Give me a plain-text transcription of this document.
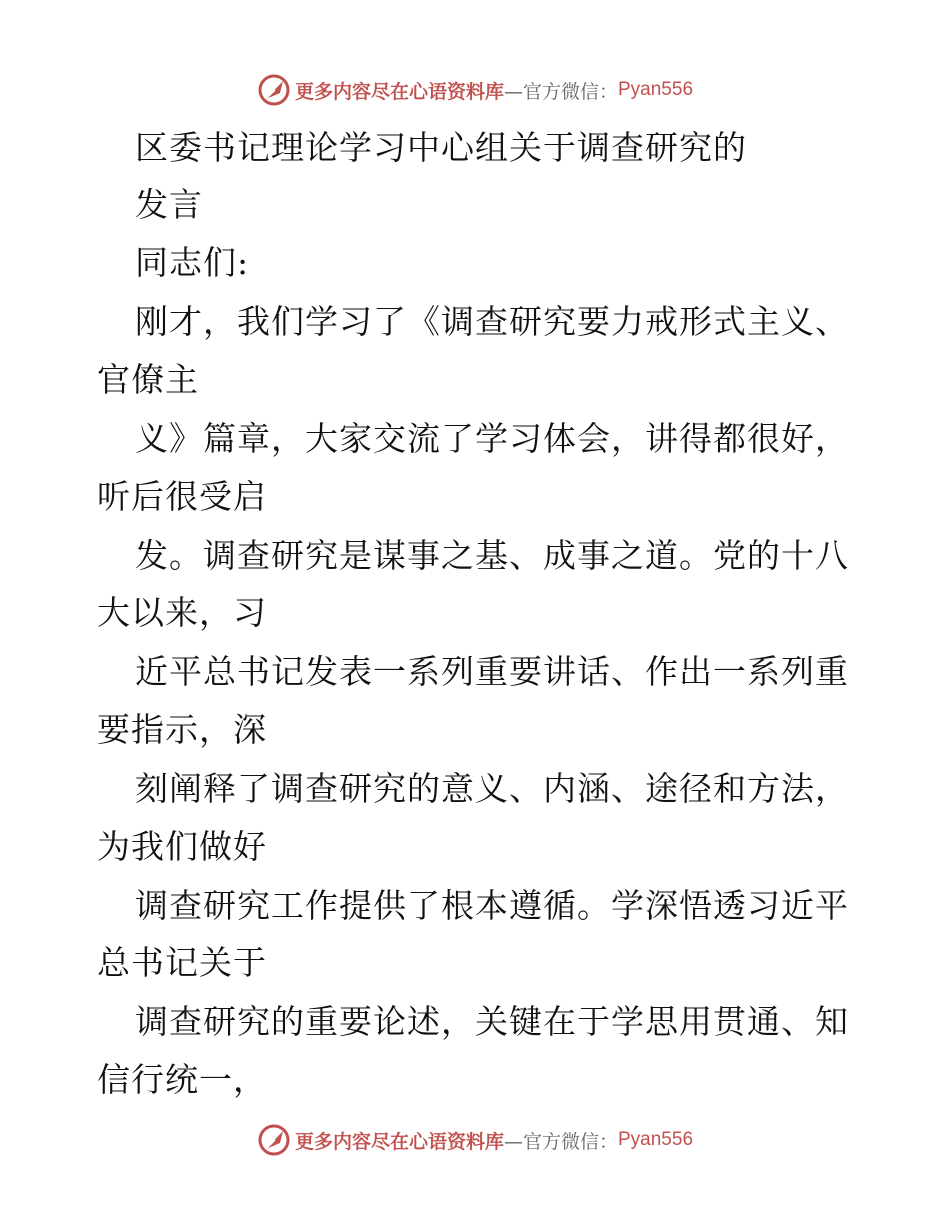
更多内容尽在心语资料库 —官方微信： Pyan556
区委书记理论学习中心组关于调查研究的
发言
同志们:
刚才，我们学习了《调查研究要力戒形式主义、
官僚主
义》篇章，大家交流了学习体会，讲得都很好，
听后很受启
发。调查研究是谋事之基、成事之道。党的十八
大以来，习
近平总书记发表一系列重要讲话、作出一系列重
要指示，深
刻阐释了调查研究的意义、内涵、途径和方法，
为我们做好
调查研究工作提供了根本遵循。学深悟透习近平
总书记关于
调查研究的重要论述，关键在于学思用贯通、知
信行统一，
更多内容尽在心语资料库 —官方微信： Pyan556
